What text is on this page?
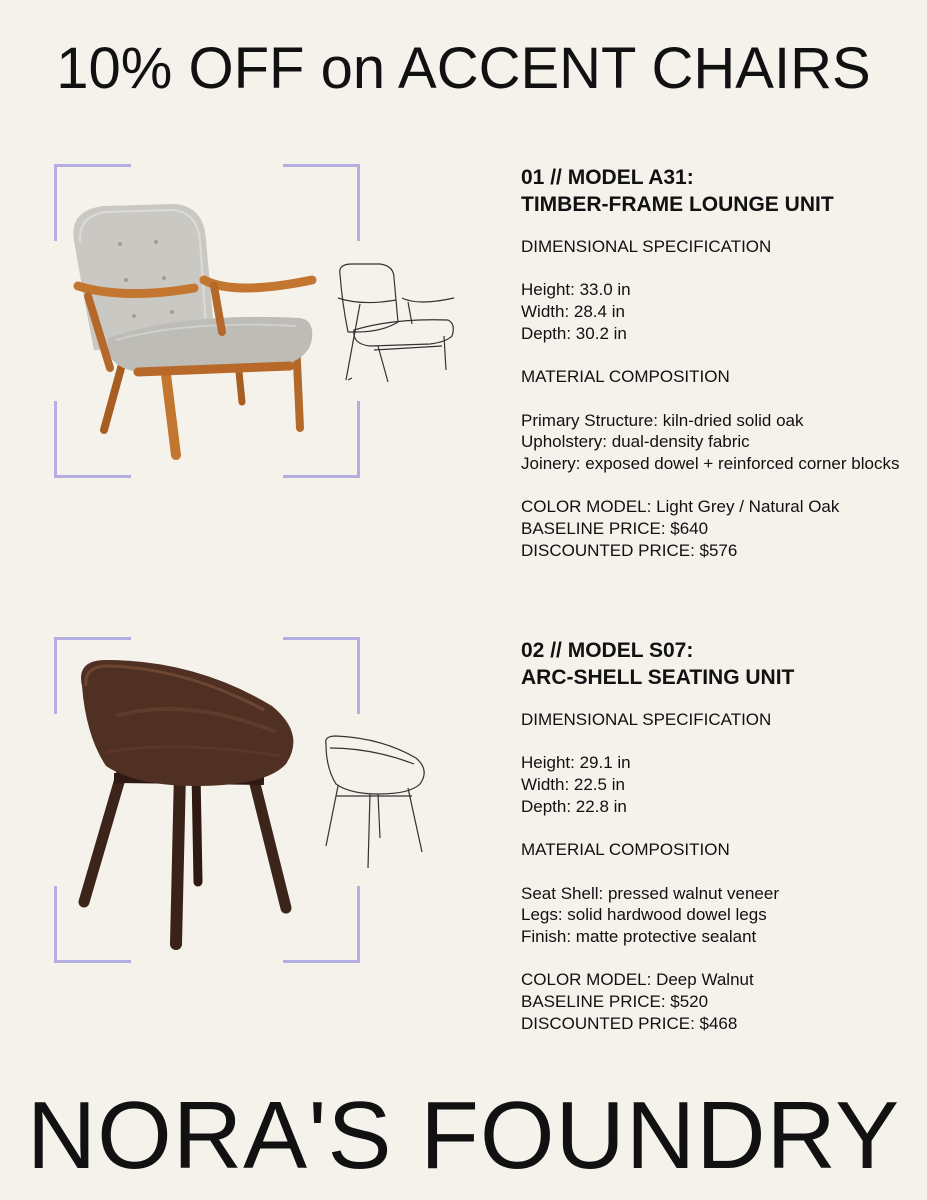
10% OFF on ACCENT CHAIRS
01 // MODEL A31:
TIMBER-FRAME LOUNGE UNIT

DIMENSIONAL SPECIFICATION

Height: 33.0 in

Width: 28.4 in

Depth: 30.2 in

MATERIAL COMPOSITION

Primary Structure: kiln-dried solid oak

Upholstery: dual-density fabric

Joinery: exposed dowel + reinforced corner blocks

COLOR MODEL: Light Grey / Natural Oak

BASELINE PRICE: $640

DISCOUNTED PRICE: $576

02 // MODEL S07:
ARC-SHELL SEATING UNIT

DIMENSIONAL SPECIFICATION

Height: 29.1 in

Width: 22.5 in

Depth: 22.8 in

MATERIAL COMPOSITION

Seat Shell: pressed walnut veneer

Legs: solid hardwood dowel legs

Finish: matte protective sealant

COLOR MODEL: Deep Walnut

BASELINE PRICE: $520

DISCOUNTED PRICE: $468

NORA'S FOUNDRY
